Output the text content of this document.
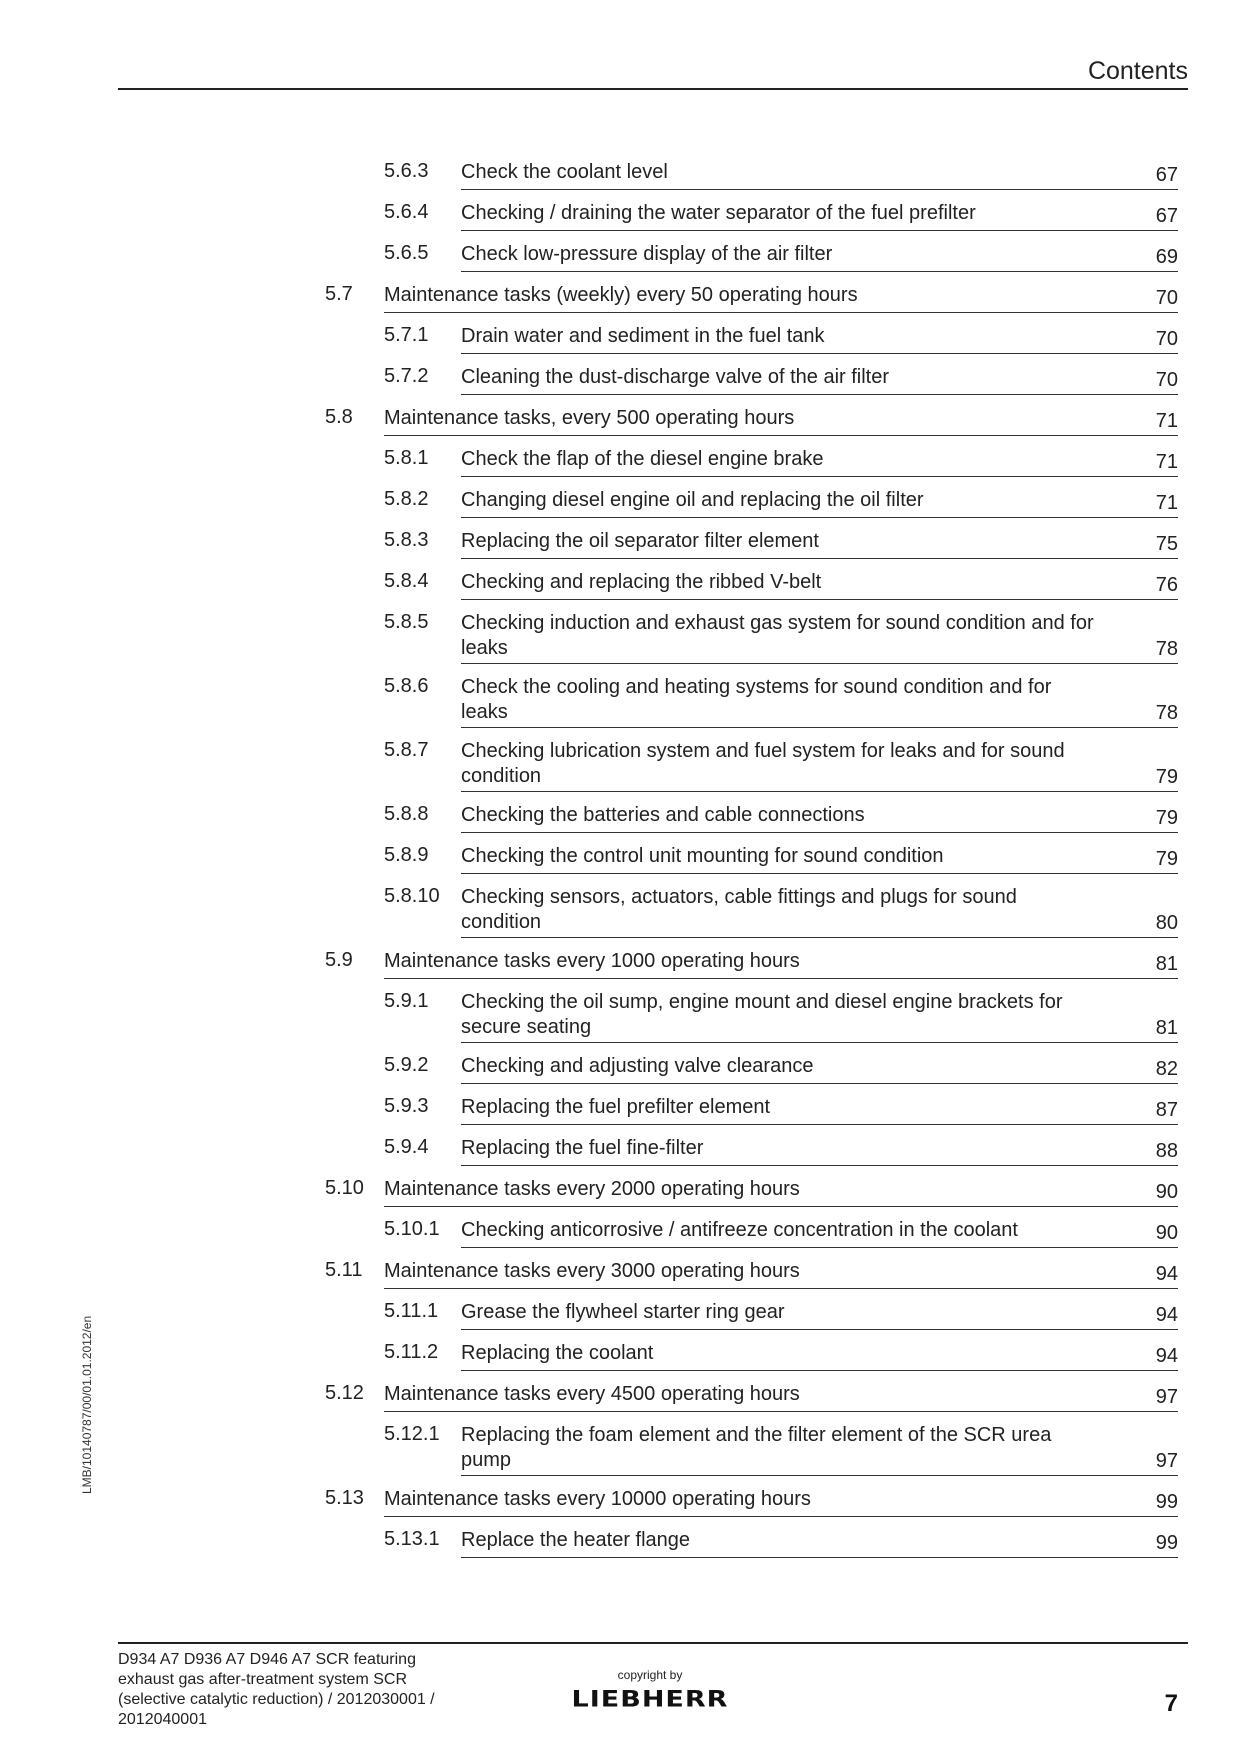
Contents
5.6.3 Check the coolant level	67
5.6.4 Checking / draining the water separator of the fuel prefilter	67
5.6.5 Check low-pressure display of the air filter	69
5.7 Maintenance tasks (weekly) every 50 operating hours	70
5.7.1 Drain water and sediment in the fuel tank	70
5.7.2 Cleaning the dust-discharge valve of the air filter	70
5.8 Maintenance tasks, every 500 operating hours	71
5.8.1 Check the flap of the diesel engine brake	71
5.8.2 Changing diesel engine oil and replacing the oil filter	71
5.8.3 Replacing the oil separator filter element	75
5.8.4 Checking and replacing the ribbed V-belt	76
5.8.5 Checking induction and exhaust gas system for sound condition and for
leaks	78
5.8.6 Check the cooling and heating systems for sound condition and for
leaks	78
5.8.7 Checking lubrication system and fuel system for leaks and for sound
condition	79
5.8.8 Checking the batteries and cable connections	79
5.8.9 Checking the control unit mounting for sound condition	79
5.8.10 Checking sensors, actuators, cable fittings and plugs for sound
condition	80
5.9 Maintenance tasks every 1000 operating hours	81
5.9.1 Checking the oil sump, engine mount and diesel engine brackets for
secure seating	81
5.9.2 Checking and adjusting valve clearance	82
5.9.3 Replacing the fuel prefilter element	87
5.9.4 Replacing the fuel fine-filter	88
5.10 Maintenance tasks every 2000 operating hours	90
5.10.1 Checking anticorrosive / antifreeze concentration in the coolant	90
5.11 Maintenance tasks every 3000 operating hours	94
5.11.1 Grease the flywheel starter ring gear	94
5.11.2 Replacing the coolant	94
5.12 Maintenance tasks every 4500 operating hours	97
5.12.1 Replacing the foam element and the filter element of the SCR urea
pump	97
5.13 Maintenance tasks every 10000 operating hours	99
5.13.1 Replace the heater flange	99
LMB/10140787/00/01.01.2012/en
D934 A7 D936 A7 D946 A7 SCR featuring
exhaust gas after-treatment system SCR
(selective catalytic reduction) / 2012030001 /
2012040001
copyright by
LIEBHERR	7
